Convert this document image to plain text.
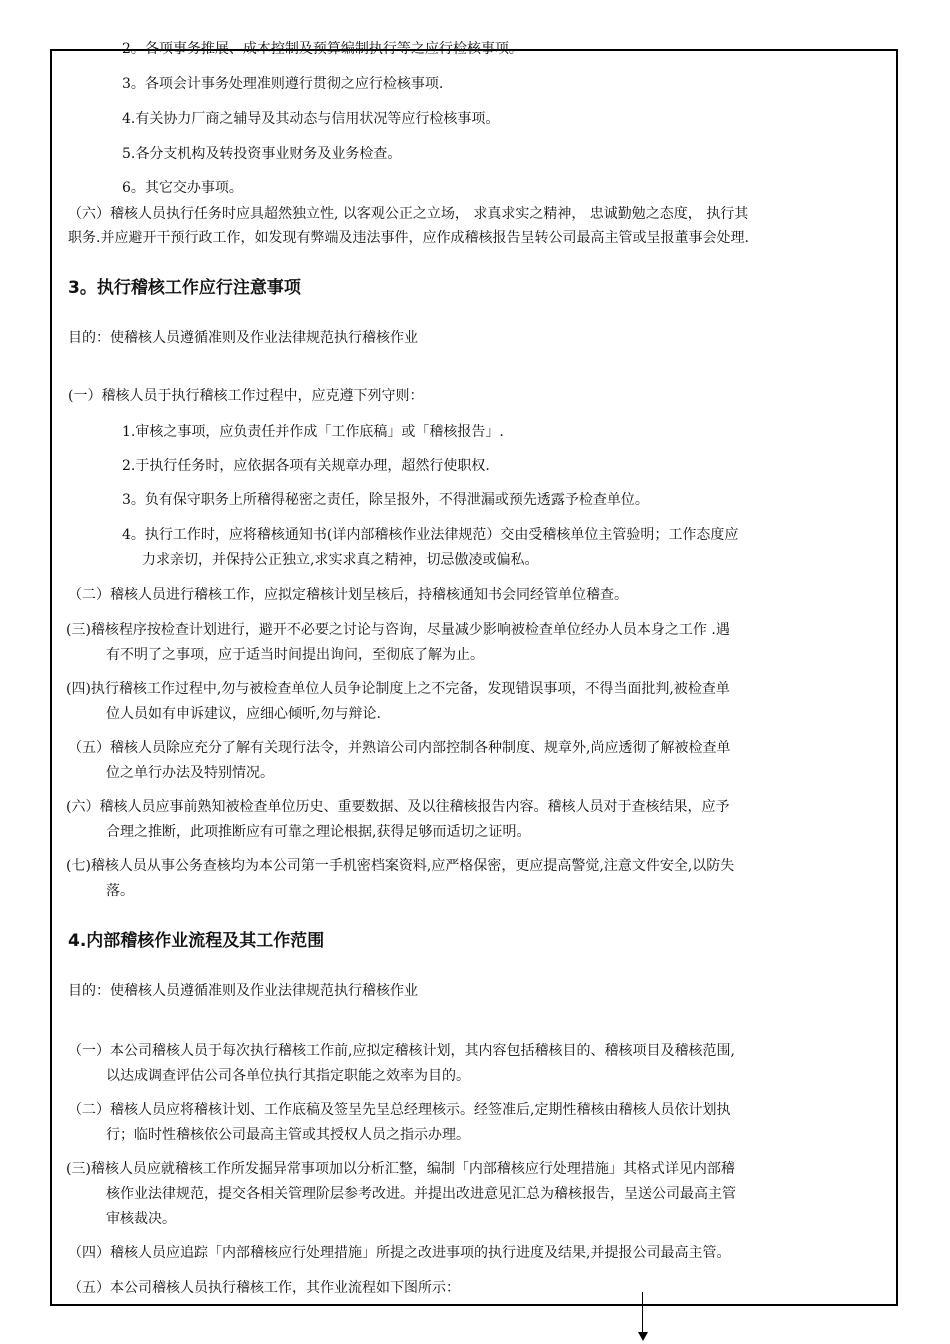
2。各项事务推展、成本控制及预算编制执行等之应行检核事项。
3。各项会计事务处理准则遵行贯彻之应行检核事项.
4.有关协力厂商之辅导及其动态与信用状况等应行检核事项。
5.各分支机构及转投资事业财务及业务检查。
6。其它交办事项。
（六）稽核人员执行任务时应具超然独立性, 以客观公正之立场， 求真求实之精神， 忠诚勤勉之态度， 执行其
职务.并应避开干预行政工作，如发现有弊端及违法事件，应作成稽核报告呈转公司最高主管或呈报董事会处理.
3。执行稽核工作应行注意事项
目的：使稽核人员遵循准则及作业法律规范执行稽核作业
(一）稽核人员于执行稽核工作过程中，应克遵下列守则：
1.审核之事项，应负责任并作成「工作底稿」或「稽核报告」.
2.于执行任务时，应依据各项有关规章办理，超然行使职权.
3。负有保守职务上所稽得秘密之责任，除呈报外，不得泄漏或预先透露予检查单位。
4。执行工作时，应将稽核通知书(详内部稽核作业法律规范）交由受稽核单位主管验明；工作态度应
力求亲切，并保持公正独立,求实求真之精神，切忌傲凌或偏私。
（二）稽核人员进行稽核工作，应拟定稽核计划呈核后，持稽核通知书会同经管单位稽查。
(三)稽核程序按检查计划进行，避开不必要之讨论与咨询，尽量减少影响被检查单位经办人员本身之工作 .遇
有不明了之事项，应于适当时间提出询问，至彻底了解为止。
(四)执行稽核工作过程中,勿与被检查单位人员争论制度上之不完备，发现错误事项，不得当面批判,被检查单
位人员如有申诉建议，应细心倾听,勿与辩论.
（五）稽核人员除应充分了解有关现行法令，并熟谙公司内部控制各种制度、规章外,尚应透彻了解被检查单
位之单行办法及特别情况。
(六）稽核人员应事前熟知被检查单位历史、重要数据、及以往稽核报告内容。稽核人员对于查核结果，应予
合理之推断，此项推断应有可靠之理论根据,获得足够而适切之证明。
(七)稽核人员从事公务查核均为本公司第一手机密档案资料,应严格保密，更应提高警觉,注意文件安全,以防失
落。
4.内部稽核作业流程及其工作范围
目的：使稽核人员遵循准则及作业法律规范执行稽核作业
（一）本公司稽核人员于每次执行稽核工作前,应拟定稽核计划，其内容包括稽核目的、稽核项目及稽核范围,
以达成调查评估公司各单位执行其指定职能之效率为目的。
（二）稽核人员应将稽核计划、工作底稿及签呈先呈总经理核示。经签准后,定期性稽核由稽核人员依计划执
行；临时性稽核依公司最高主管或其授权人员之指示办理。
(三)稽核人员应就稽核工作所发掘异常事项加以分析汇整，编制「内部稽核应行处理措施」其格式详见内部稽
核作业法律规范，提交各相关管理阶层参考改进。并提出改进意见汇总为稽核报告，呈送公司最高主管
审核裁决。
（四）稽核人员应追踪「内部稽核应行处理措施」所提之改进事项的执行进度及结果,并提报公司最高主管。
（五）本公司稽核人员执行稽核工作，其作业流程如下图所示：
